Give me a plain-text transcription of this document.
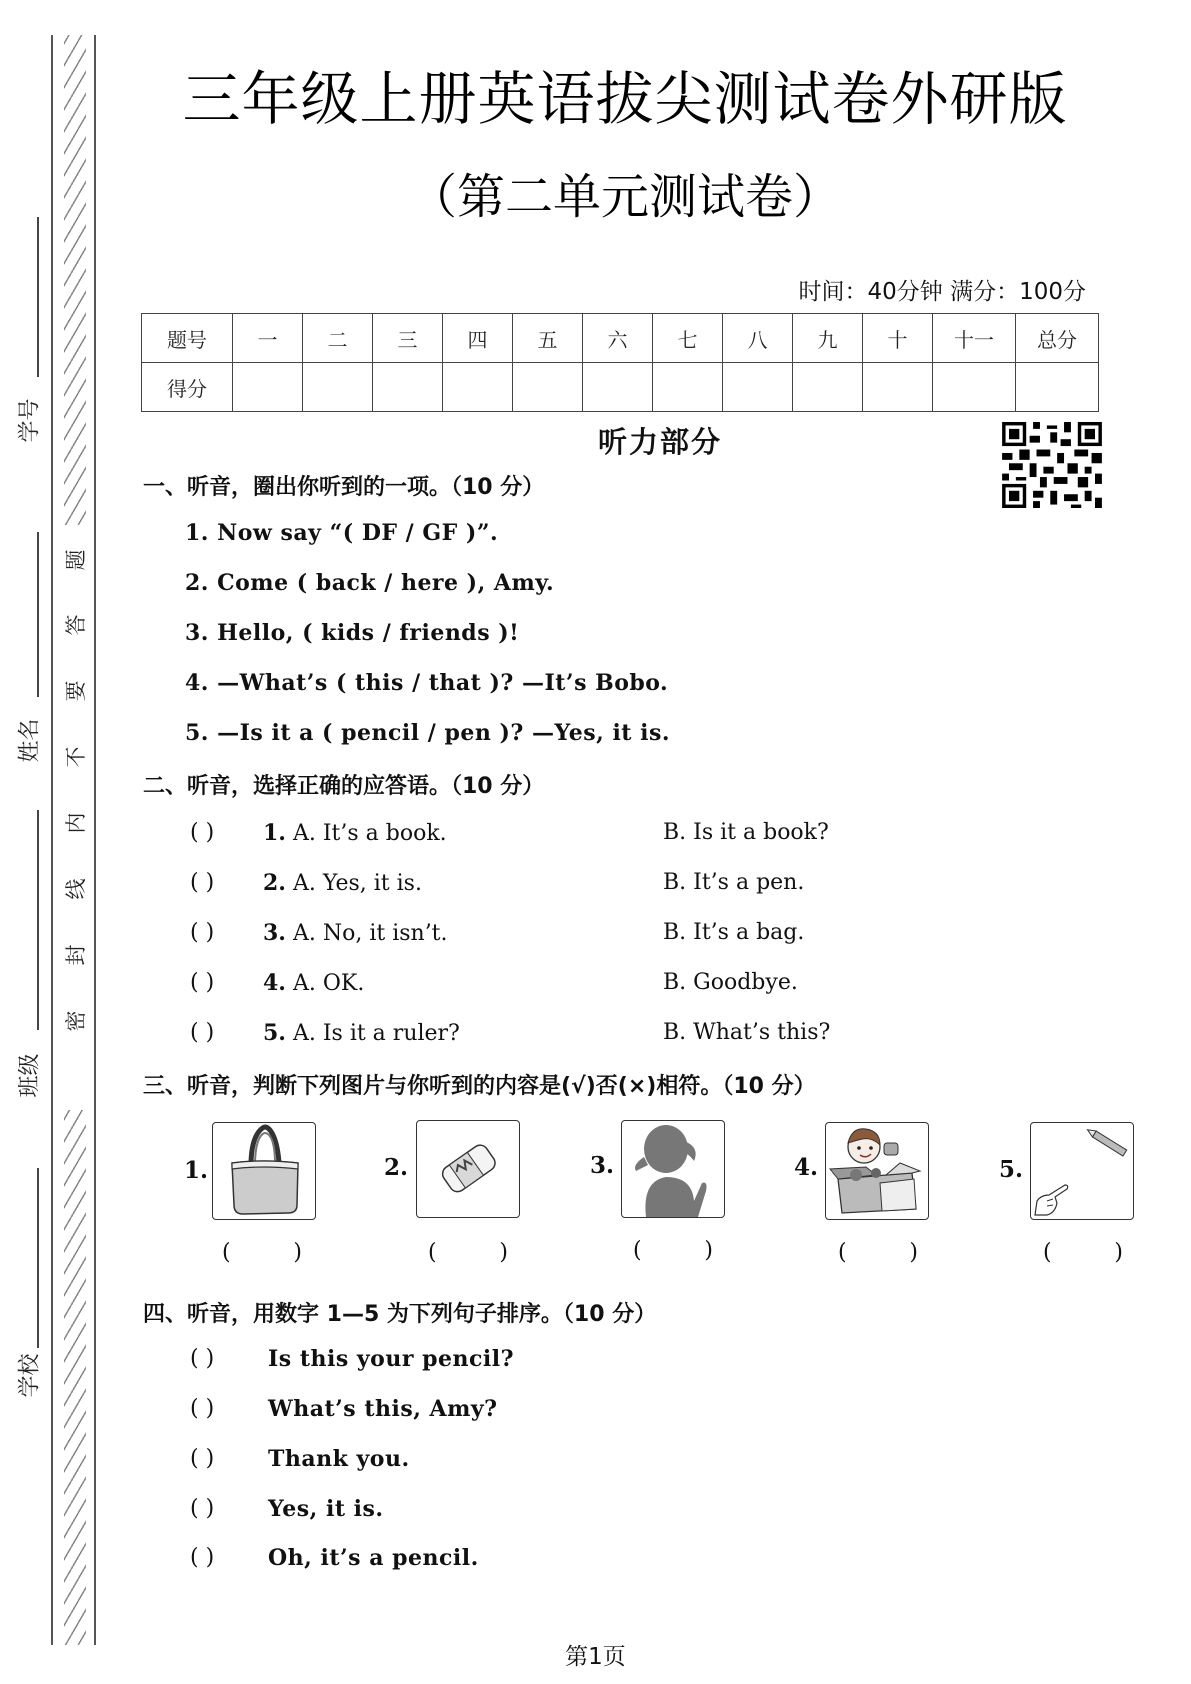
题
答
要
不
内
线
封
密
学号
姓名
班级
学校
三年级上册英语拔尖测试卷外研版
（第二单元测试卷）
时间：40分钟 满分：100分
题号	一	二	三	四	五	六	七	八	九	十	十一	总分
得分												
听力部分
一、听音，圈出你听到的一项。（10 分）
1. Now say “( DF / GF )”.
2. Come ( back / here ), Amy.
3. Hello, ( kids / friends )!
4. —What’s ( this / that )? —It’s Bobo.
5. —Is it a ( pencil / pen )? —Yes, it is.
二、听音，选择正确的应答语。（10 分）
( ) 1. A. It’s a book.	B. Is it a book?
( ) 2. A. Yes, it is.	B. It’s a pen.
( ) 3. A. No, it isn’t.	B. It’s a bag.
( ) 4. A. OK.	B. Goodbye.
( ) 5. A. Is it a ruler?	B. What’s this?
三、听音，判断下列图片与你听到的内容是(√)否(×)相符。（10 分）
1.
(	)
2.
(	)
3.
(	)
4.
(	)
5.
(	)
四、听音，用数字 1—5 为下列句子排序。（10 分）
( ) Is this your pencil?
( ) What’s this, Amy?
( ) Thank you.
( ) Yes, it is.
( ) Oh, it’s a pencil.
第1页
